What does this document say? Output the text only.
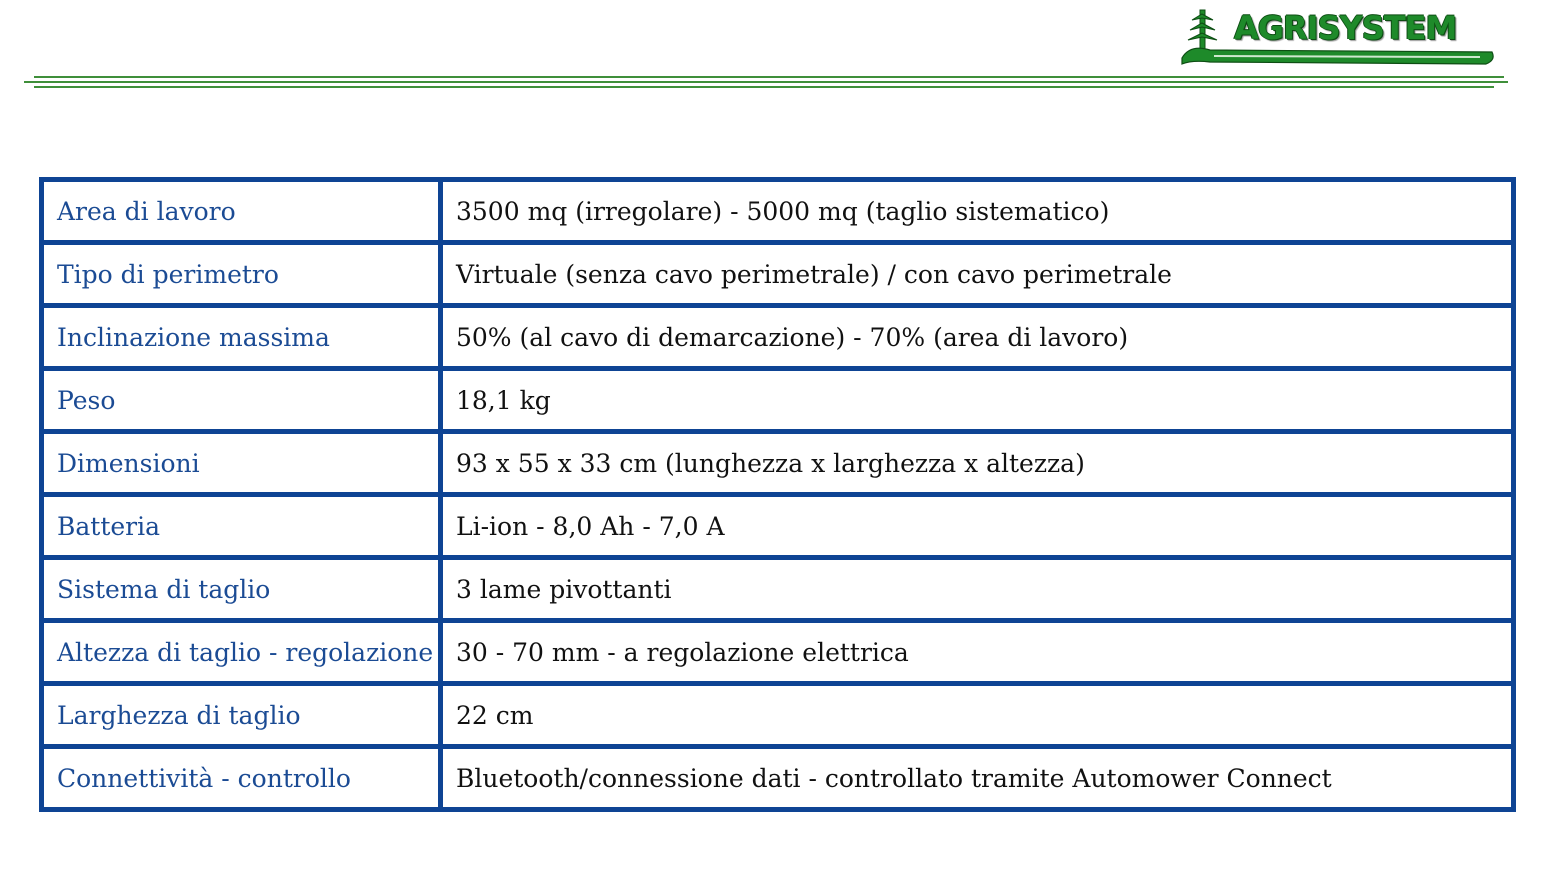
AGRISYSTEM
Area di lavoro	3500 mq (irregolare) - 5000 mq (taglio sistematico)
Tipo di perimetro	Virtuale (senza cavo perimetrale) / con cavo perimetrale
Inclinazione massima	50% (al cavo di demarcazione) - 70% (area di lavoro)
Peso	18,1 kg
Dimensioni	93 x 55 x 33 cm (lunghezza x larghezza x altezza)
Batteria	Li-ion - 8,0 Ah - 7,0 A
Sistema di taglio	3 lame pivottanti
Altezza di taglio - regolazione	30 - 70 mm - a regolazione elettrica
Larghezza di taglio	22 cm
Connettività - controllo	Bluetooth/connessione dati - controllato tramite Automower Connect
